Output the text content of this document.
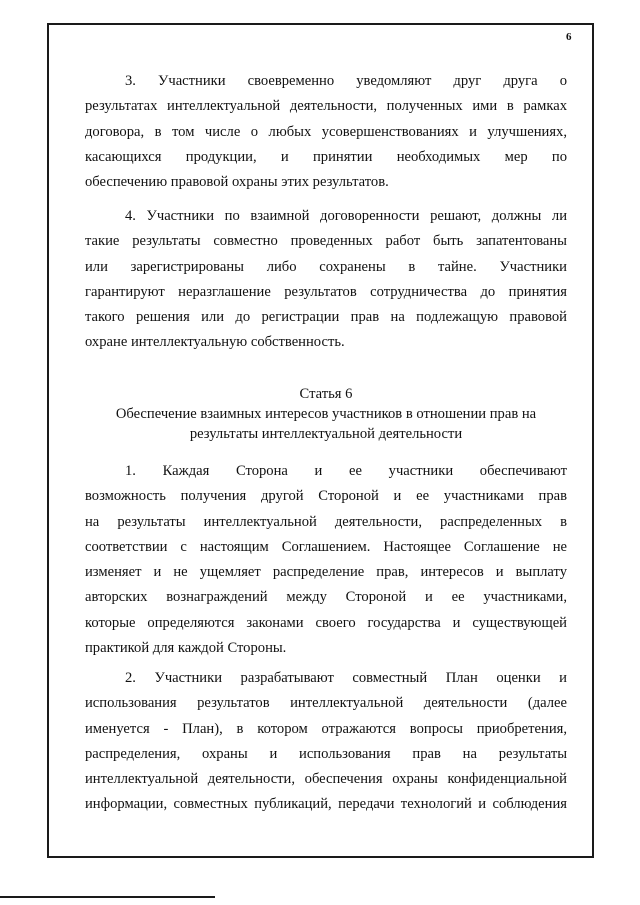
6
3. Участники своевременно уведомляют друг друга о
результатах интеллектуальной деятельности, полученных ими в рамках
договора, в том числе о любых усовершенствованиях и улучшениях,
касающихся продукции, и принятии необходимых мер по
обеспечению правовой охраны этих результатов.
4. Участники по взаимной договоренности решают, должны ли
такие результаты совместно проведенных работ быть запатентованы
или зарегистрированы либо сохранены в тайне. Участники
гарантируют неразглашение результатов сотрудничества до принятия
такого решения или до регистрации прав на подлежащую правовой
охране интеллектуальную собственность.
Статья 6
Обеспечение взаимных интересов участников в отношении прав на
результаты интеллектуальной деятельности
1. Каждая Сторона и ее участники обеспечивают
возможность получения другой Стороной и ее участниками прав
на результаты интеллектуальной деятельности, распределенных в
соответствии с настоящим Соглашением. Настоящее Соглашение не
изменяет и не ущемляет распределение прав, интересов и выплату
авторских вознаграждений между Стороной и ее участниками,
которые определяются законами своего государства и существующей
практикой для каждой Стороны.
2. Участники разрабатывают совместный План оценки и
использования результатов интеллектуальной деятельности (далее
именуется - План), в котором отражаются вопросы приобретения,
распределения, охраны и использования прав на результаты
интеллектуальной деятельности, обеспечения охраны конфиденциальной
информации, совместных публикаций, передачи технологий и соблюдения
